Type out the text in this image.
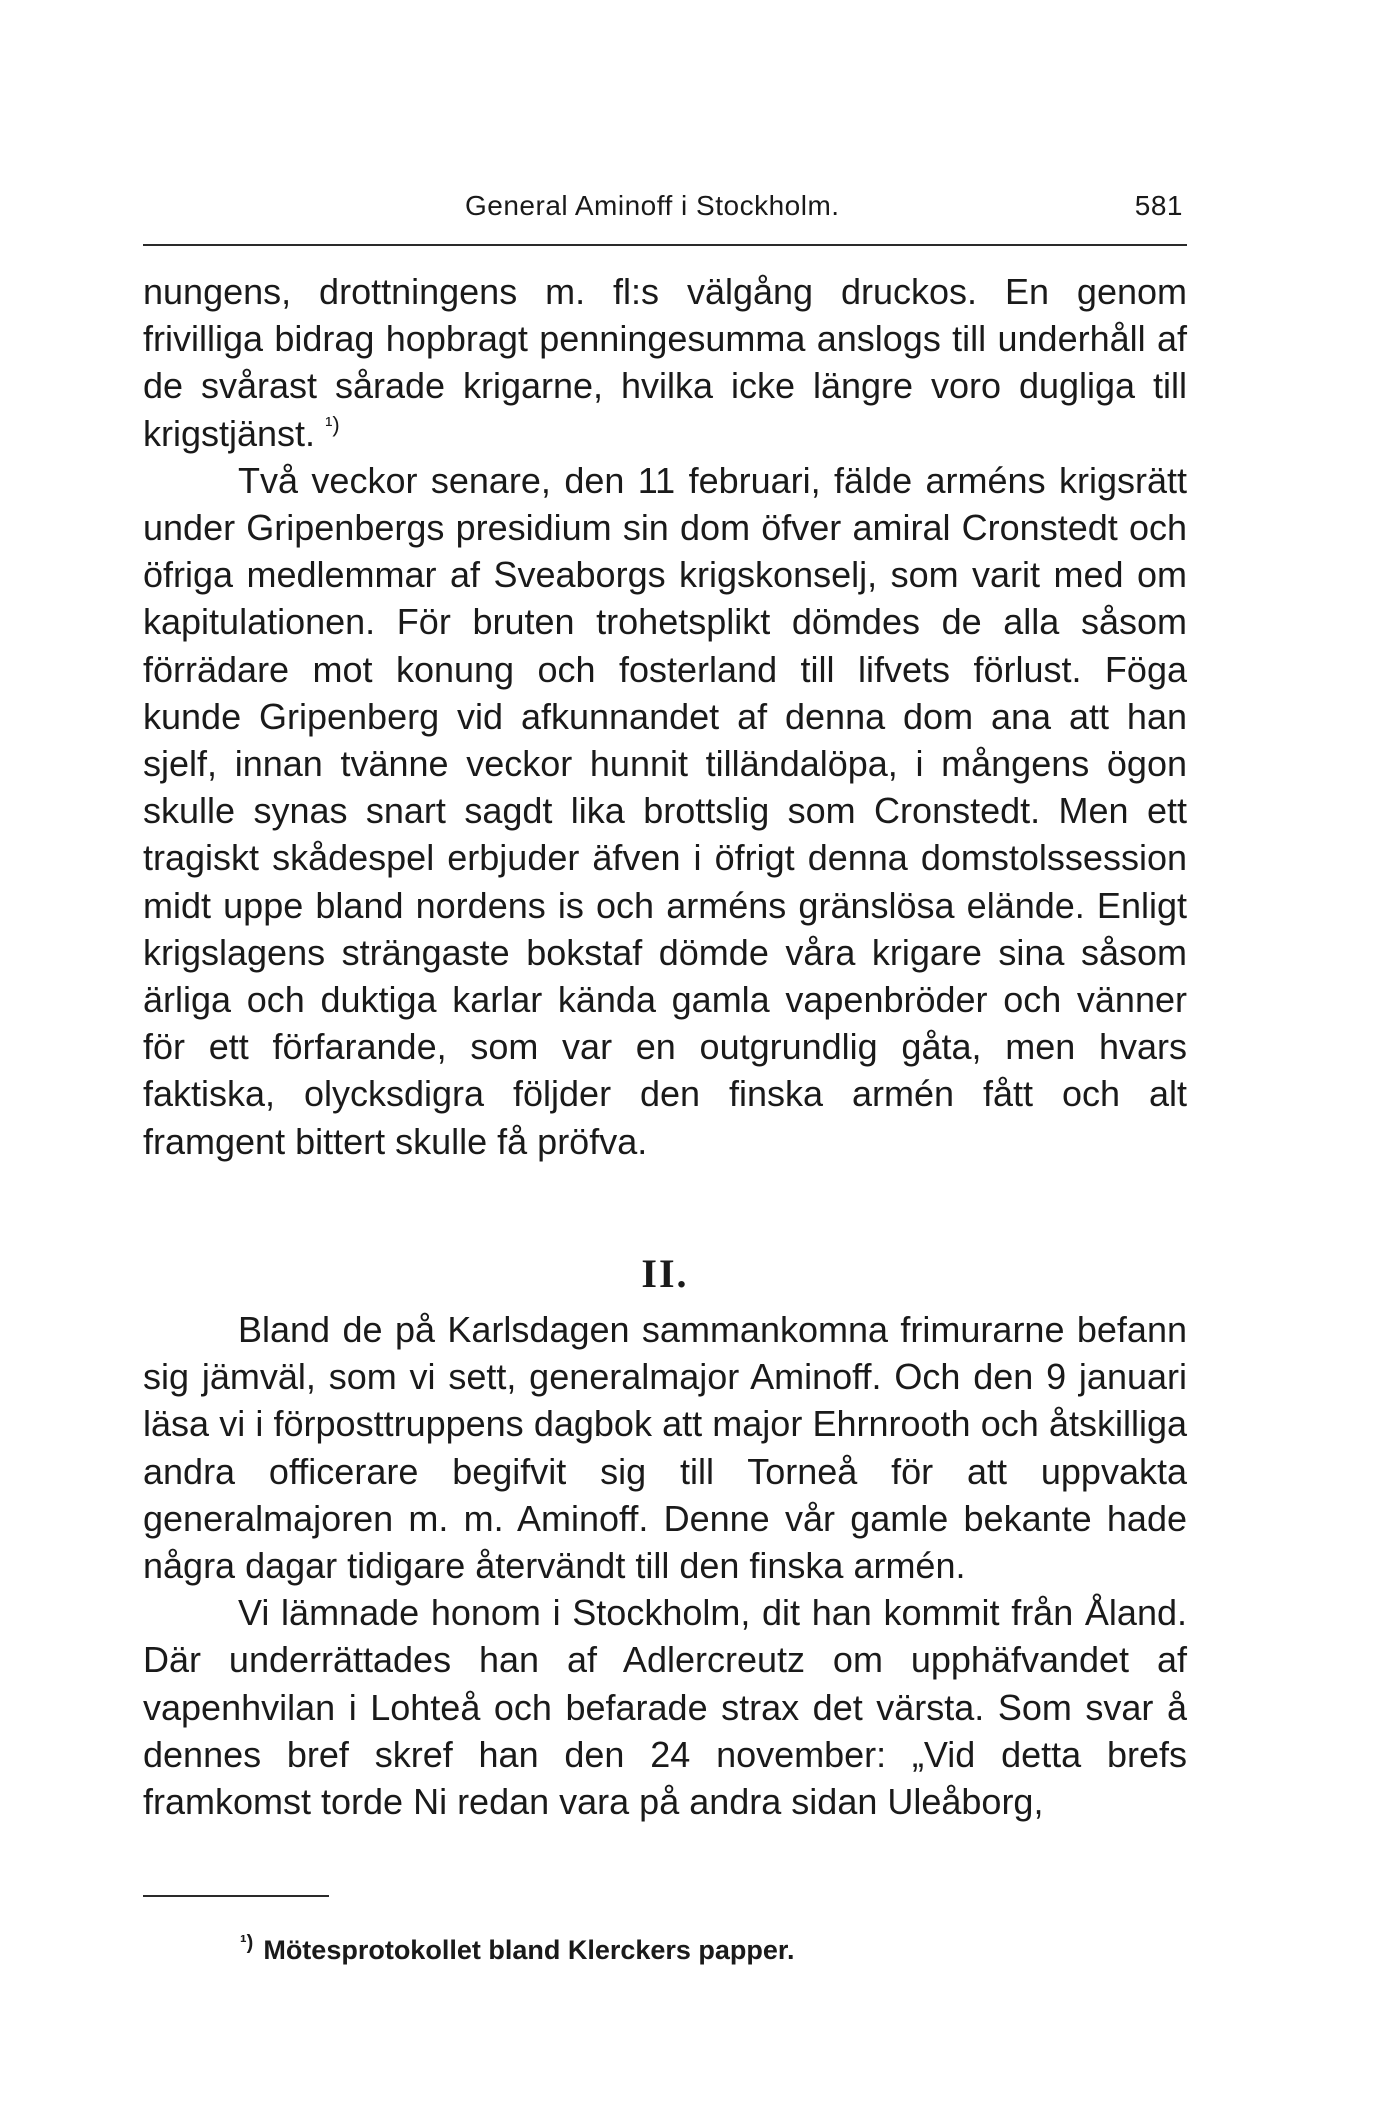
General Aminoff i Stockholm.	581

nungens, drottningens m. fl:s välgång druckos. En genom frivilliga bidrag hopbragt penningesumma anslogs till underhåll af de svårast sårade krigarne, hvilka icke längre voro dugliga till krigstjänst. $^{^1)}$

Två veckor senare, den 11 februari, fälde arméns krigsrätt under Gripenbergs presidium sin dom öfver amiral Cronstedt och öfriga medlemmar af Sveaborgs krigskonselj, som varit med om kapitulationen. För bruten trohetsplikt dömdes de alla såsom förrädare mot konung och fosterland till lifvets förlust. Föga kunde Gripenberg vid afkunnandet af denna dom ana att han sjelf, innan tvänne veckor hunnit tilländalöpa, i mångens ögon skulle synas snart sagdt lika brottslig som Cronstedt. Men ett tragiskt skådespel erbjuder äfven i öfrigt denna domstolssession midt uppe bland nordens is och arméns gränslösa elände. Enligt krigslagens strängaste bokstaf dömde våra krigare sina såsom ärliga och duktiga karlar kända gamla vapenbröder och vänner för ett förfarande, som var en outgrundlig gåta, men hvars faktiska, olycksdigra följder den finska armén fått och alt framgent bittert skulle få pröfva.

II.

Bland de på Karlsdagen sammankomna frimurarne befann sig jämväl, som vi sett, generalmajor Aminoff. Och den 9 januari läsa vi i förposttruppens dagbok att major Ehrnrooth och åtskilliga andra officerare begifvit sig till Torneå för att uppvakta generalmajoren m. m. Aminoff. Denne vår gamle bekante hade några dagar tidigare återvändt till den finska armén.

Vi lämnade honom i Stockholm, dit han kommit från Åland. Där underrättades han af Adlercreutz om upphäfvandet af vapenhvilan i Lohteå och befarade strax det värsta. Som svar å dennes bref skref han den 24 november: „Vid detta brefs framkomst torde Ni redan vara på andra sidan Uleåborg,

$^{^1)}$ Mötesprotokollet bland Klerckers papper.
